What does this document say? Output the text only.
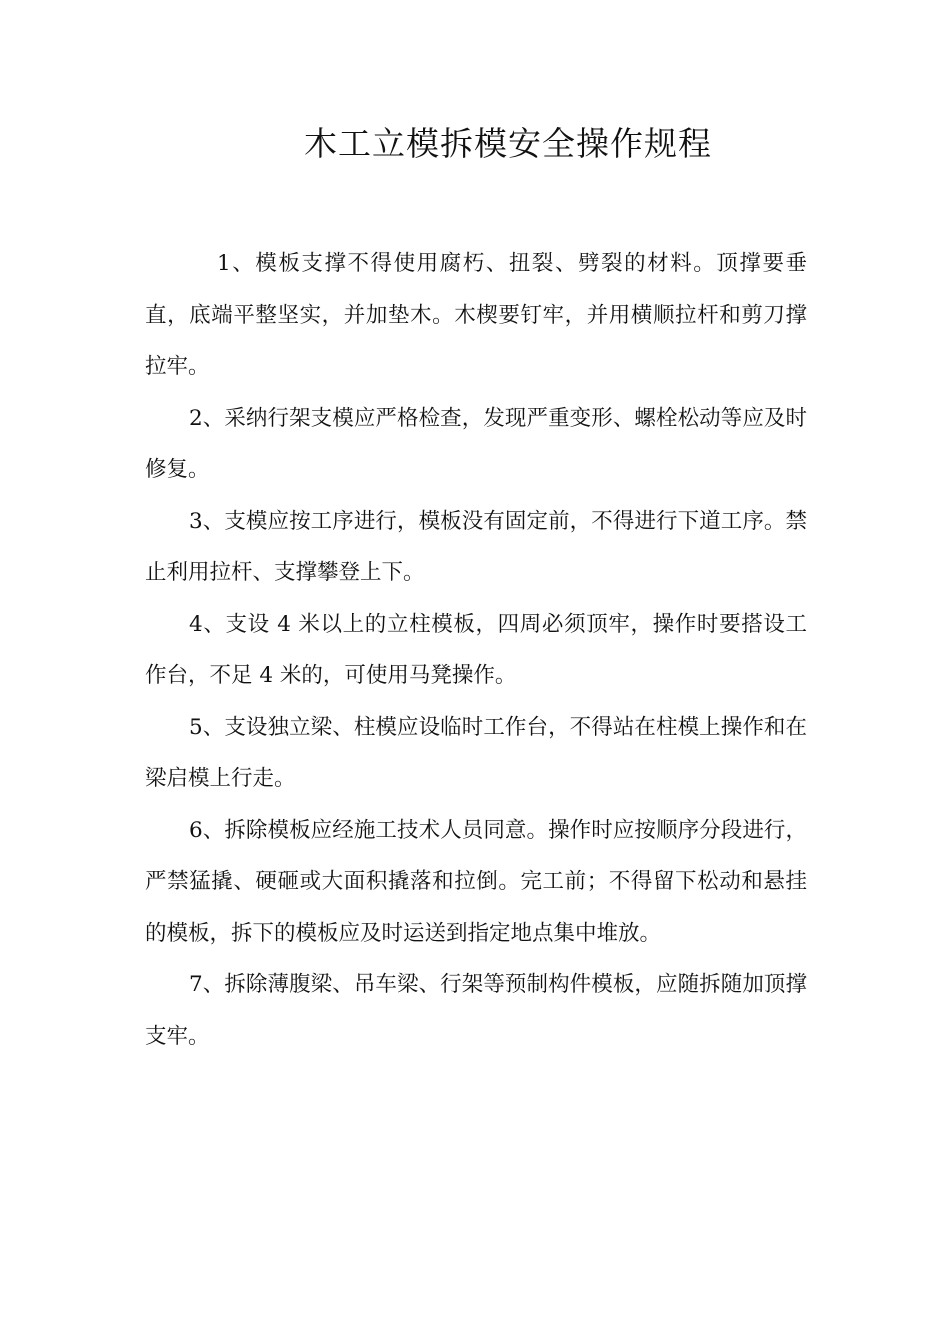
木工立模拆模安全操作规程

1、模板支撑不得使用腐朽、扭裂、劈裂的材料。顶撑要垂直，底端平整坚实，并加垫木。木楔要钉牢，并用横顺拉杆和剪刀撑拉牢。

2、采纳行架支模应严格检查，发现严重变形、螺栓松动等应及时修复。

3、支模应按工序进行，模板没有固定前，不得进行下道工序。禁止利用拉杆、支撑攀登上下。

4、支设 4 米以上的立柱模板，四周必须顶牢，操作时要搭设工作台，不足 4 米的，可使用马凳操作。

5、支设独立梁、柱模应设临时工作台，不得站在柱模上操作和在梁启模上行走。

6、拆除模板应经施工技术人员同意。操作时应按顺序分段进行，严禁猛撬、硬砸或大面积撬落和拉倒。完工前；不得留下松动和悬挂的模板，拆下的模板应及时运送到指定地点集中堆放。

7、拆除薄腹梁、吊车梁、行架等预制构件模板，应随拆随加顶撑支牢。
